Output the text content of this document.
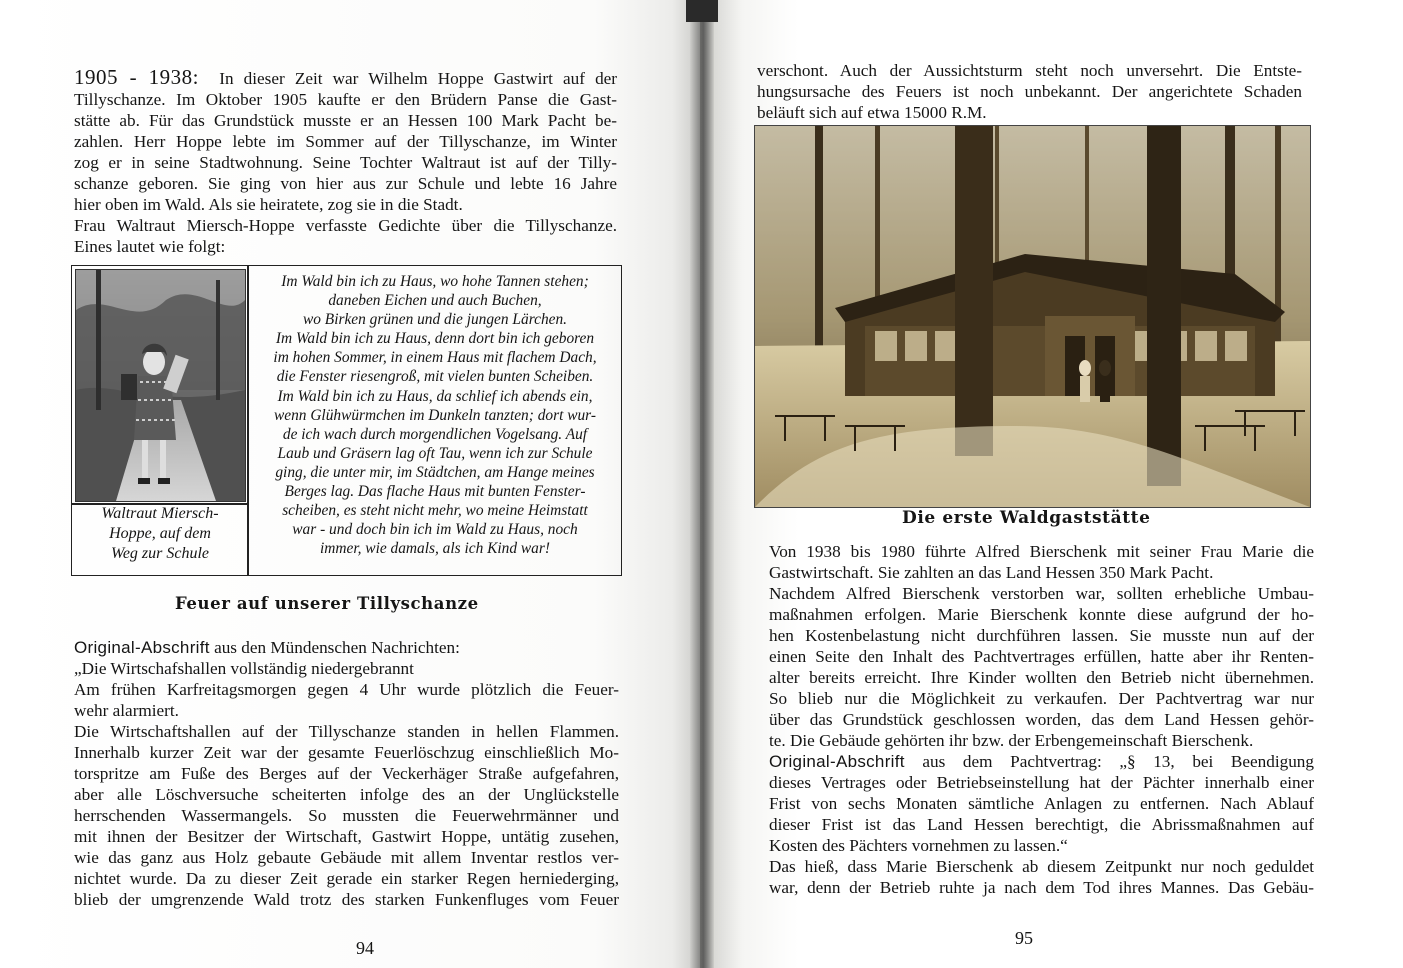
1905 - 1938: In dieser Zeit war Wilhelm Hoppe Gastwirt auf der

Tillyschanze. Im Oktober 1905 kaufte er den Brüdern Panse die Gast-

stätte ab. Für das Grundstück musste er an Hessen 100 Mark Pacht be-

zahlen. Herr Hoppe lebte im Sommer auf der Tillyschanze, im Winter

zog er in seine Stadtwohnung. Seine Tochter Waltraut ist auf der Tilly-

schanze geboren. Sie ging von hier aus zur Schule und lebte 16 Jahre

hier oben im Wald. Als sie heiratete, zog sie in die Stadt.

Frau Waltraut Miersch-Hoppe verfasste Gedichte über die Tillyschanze.

Eines lautet wie folgt:

Waltraut Miersch-
Hoppe, auf dem
Weg zur Schule
Im Wald bin ich zu Haus, wo hohe Tannen stehen;
daneben Eichen und auch Buchen,
wo Birken grünen und die jungen Lärchen.
Im Wald bin ich zu Haus, denn dort bin ich geboren
im hohen Sommer, in einem Haus mit flachem Dach,
die Fenster riesengroß, mit vielen bunten Scheiben.
Im Wald bin ich zu Haus, da schlief ich abends ein,
wenn Glühwürmchen im Dunkeln tanzten; dort wur-
de ich wach durch morgendlichen Vogelsang. Auf
Laub und Gräsern lag oft Tau, wenn ich zur Schule
ging, die unter mir, im Städtchen, am Hange meines
Berges lag. Das flache Haus mit bunten Fenster-
scheiben, es steht nicht mehr, wo meine Heimstatt
war - und doch bin ich im Wald zu Haus, noch
immer, wie damals, als ich Kind war!
Feuer auf unserer Tillyschanze

Original-Abschrift aus den Mündenschen Nachrichten:

„Die Wirtschafshallen vollständig niedergebrannt

Am frühen Karfreitagsmorgen gegen 4 Uhr wurde plötzlich die Feuer-

wehr alarmiert.

Die Wirtschaftshallen auf der Tillyschanze standen in hellen Flammen.

Innerhalb kurzer Zeit war der gesamte Feuerlöschzug einschließlich Mo-

torspritze am Fuße des Berges auf der Veckerhäger Straße aufgefahren,

aber alle Löschversuche scheiterten infolge des an der Unglückstelle

herrschenden Wassermangels. So mussten die Feuerwehrmänner und

mit ihnen der Besitzer der Wirtschaft, Gastwirt Hoppe, untätig zusehen,

wie das ganz aus Holz gebaute Gebäude mit allem Inventar restlos ver-

nichtet wurde. Da zu dieser Zeit gerade ein starker Regen herniederging,

blieb der umgrenzende Wald trotz des starken Funkenfluges vom Feuer

94

verschont. Auch der Aussichtsturm steht noch unversehrt. Die Entste-

hungsursache des Feuers ist noch unbekannt. Der angerichtete Schaden

beläuft sich auf etwa 15000 R.M.

Die erste Waldgaststätte

Von 1938 bis 1980 führte Alfred Bierschenk mit seiner Frau Marie die

Gastwirtschaft. Sie zahlten an das Land Hessen 350 Mark Pacht.

Nachdem Alfred Bierschenk verstorben war, sollten erhebliche Umbau-

maßnahmen erfolgen. Marie Bierschenk konnte diese aufgrund der ho-

hen Kostenbelastung nicht durchführen lassen. Sie musste nun auf der

einen Seite den Inhalt des Pachtvertrages erfüllen, hatte aber ihr Renten-

alter bereits erreicht. Ihre Kinder wollten den Betrieb nicht übernehmen.

So blieb nur die Möglichkeit zu verkaufen. Der Pachtvertrag war nur

über das Grundstück geschlossen worden, das dem Land Hessen gehör-

te. Die Gebäude gehörten ihr bzw. der Erbengemeinschaft Bierschenk.

Original-Abschrift aus dem Pachtvertrag: „§ 13, bei Beendigung

dieses Vertrages oder Betriebseinstellung hat der Pächter innerhalb einer

Frist von sechs Monaten sämtliche Anlagen zu entfernen. Nach Ablauf

dieser Frist ist das Land Hessen berechtigt, die Abrissmaßnahmen auf

Kosten des Pächters vornehmen zu lassen.“

Das hieß, dass Marie Bierschenk ab diesem Zeitpunkt nur noch geduldet

war, denn der Betrieb ruhte ja nach dem Tod ihres Mannes. Das Gebäu-

95
